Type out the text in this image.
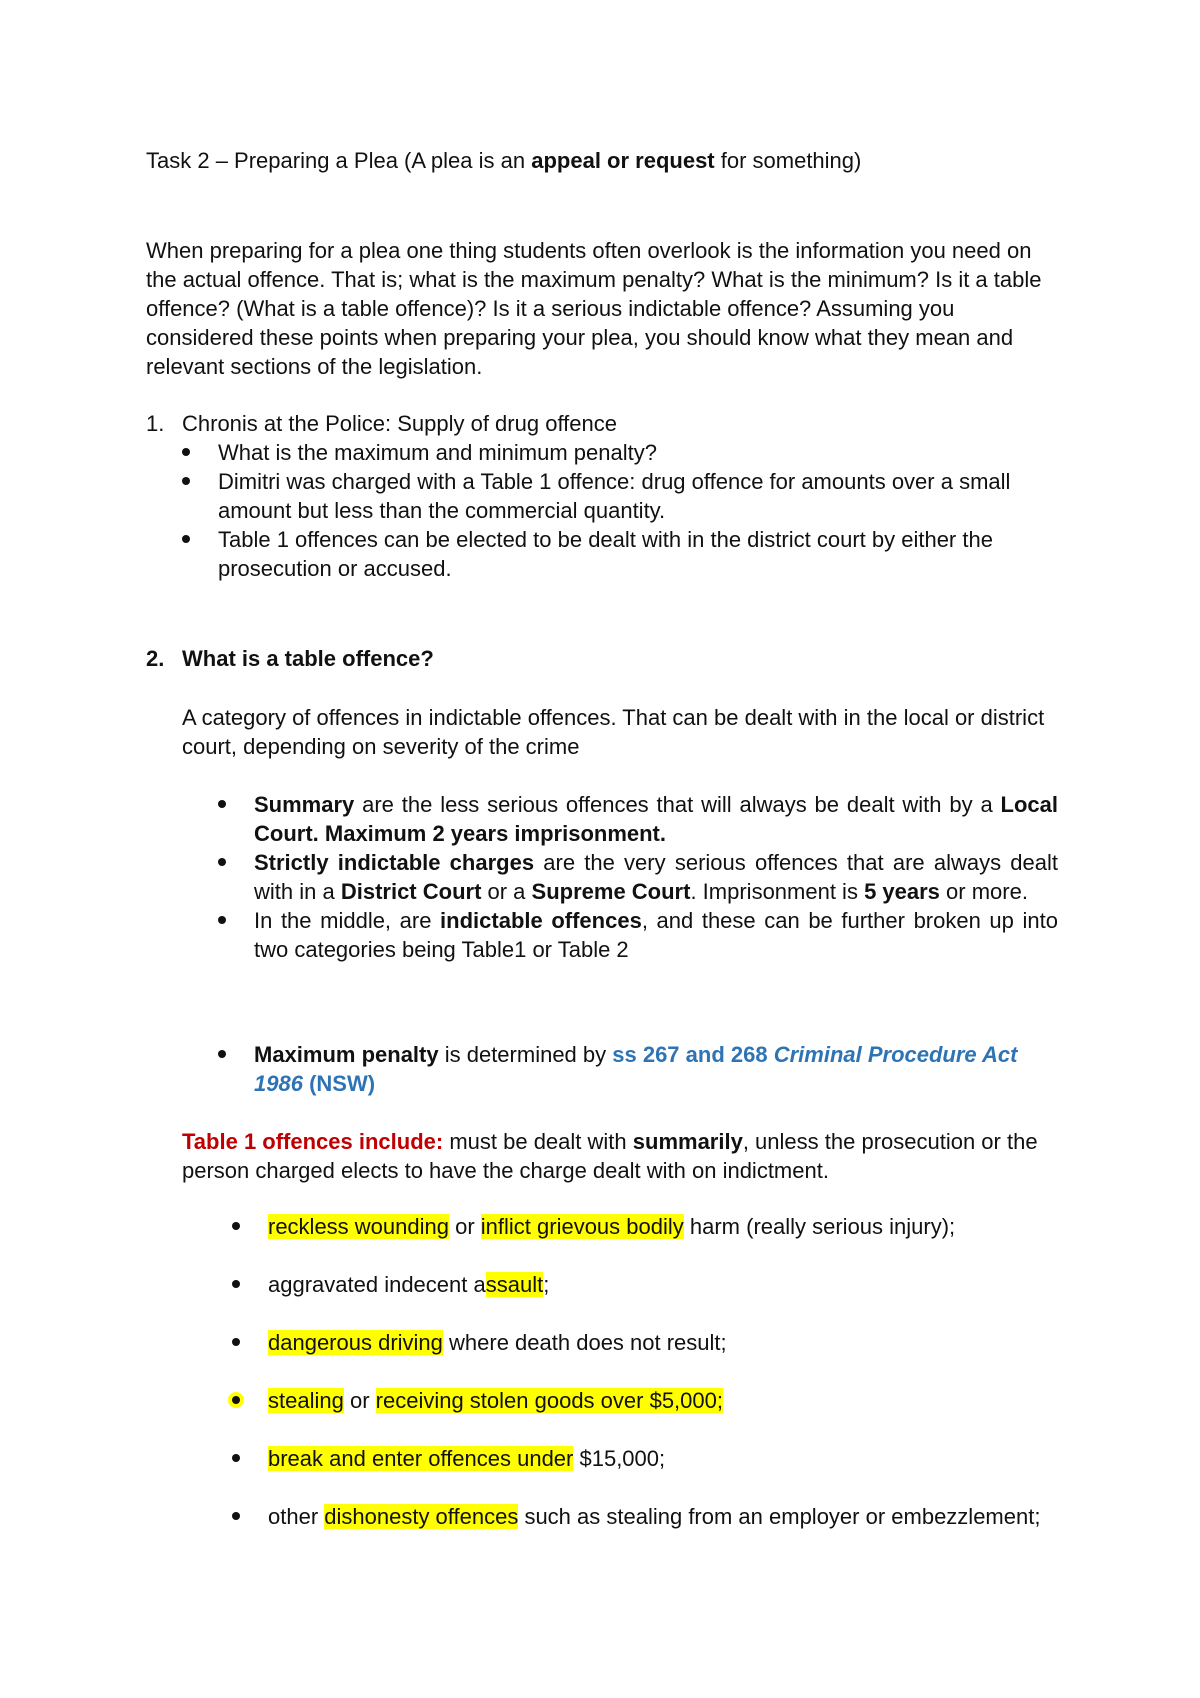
Task 2 – Preparing a Plea (A plea is an appeal or request for something)

When preparing for a plea one thing students often overlook is the information you need on the actual offence. That is; what is the maximum penalty? What is the minimum? Is it a table offence? (What is a table offence)? Is it a serious indictable offence? Assuming you considered these points when preparing your plea, you should know what they mean and relevant sections of the legislation.

1. Chronis at the Police: Supply of drug offence
What is the maximum and minimum penalty?
Dimitri was charged with a Table 1 offence: drug offence for amounts over a small amount but less than the commercial quantity.
Table 1 offences can be elected to be dealt with in the district court by either the prosecution or accused.
2. What is a table offence?

A category of offences in indictable offences. That can be dealt with in the local or district court, depending on severity of the crime

Summary are the less serious offences that will always be dealt with by a Local Court. Maximum 2 years imprisonment.
Strictly indictable charges are the very serious offences that are always dealt with in a District Court or a Supreme Court. Imprisonment is 5 years or more.
In the middle, are indictable offences, and these can be further broken up into two categories being Table1 or Table 2
Maximum penalty is determined by ss 267 and 268 Criminal Procedure Act 1986 (NSW)

Table 1 offences include: must be dealt with summarily, unless the prosecution or the person charged elects to have the charge dealt with on indictment.

reckless wounding or inflict grievous bodily harm (really serious injury);
aggravated indecent assault;
dangerous driving where death does not result;
stealing or receiving stolen goods over $5,000;
break and enter offences under $15,000;
other dishonesty offences such as stealing from an employer or embezzlement;
